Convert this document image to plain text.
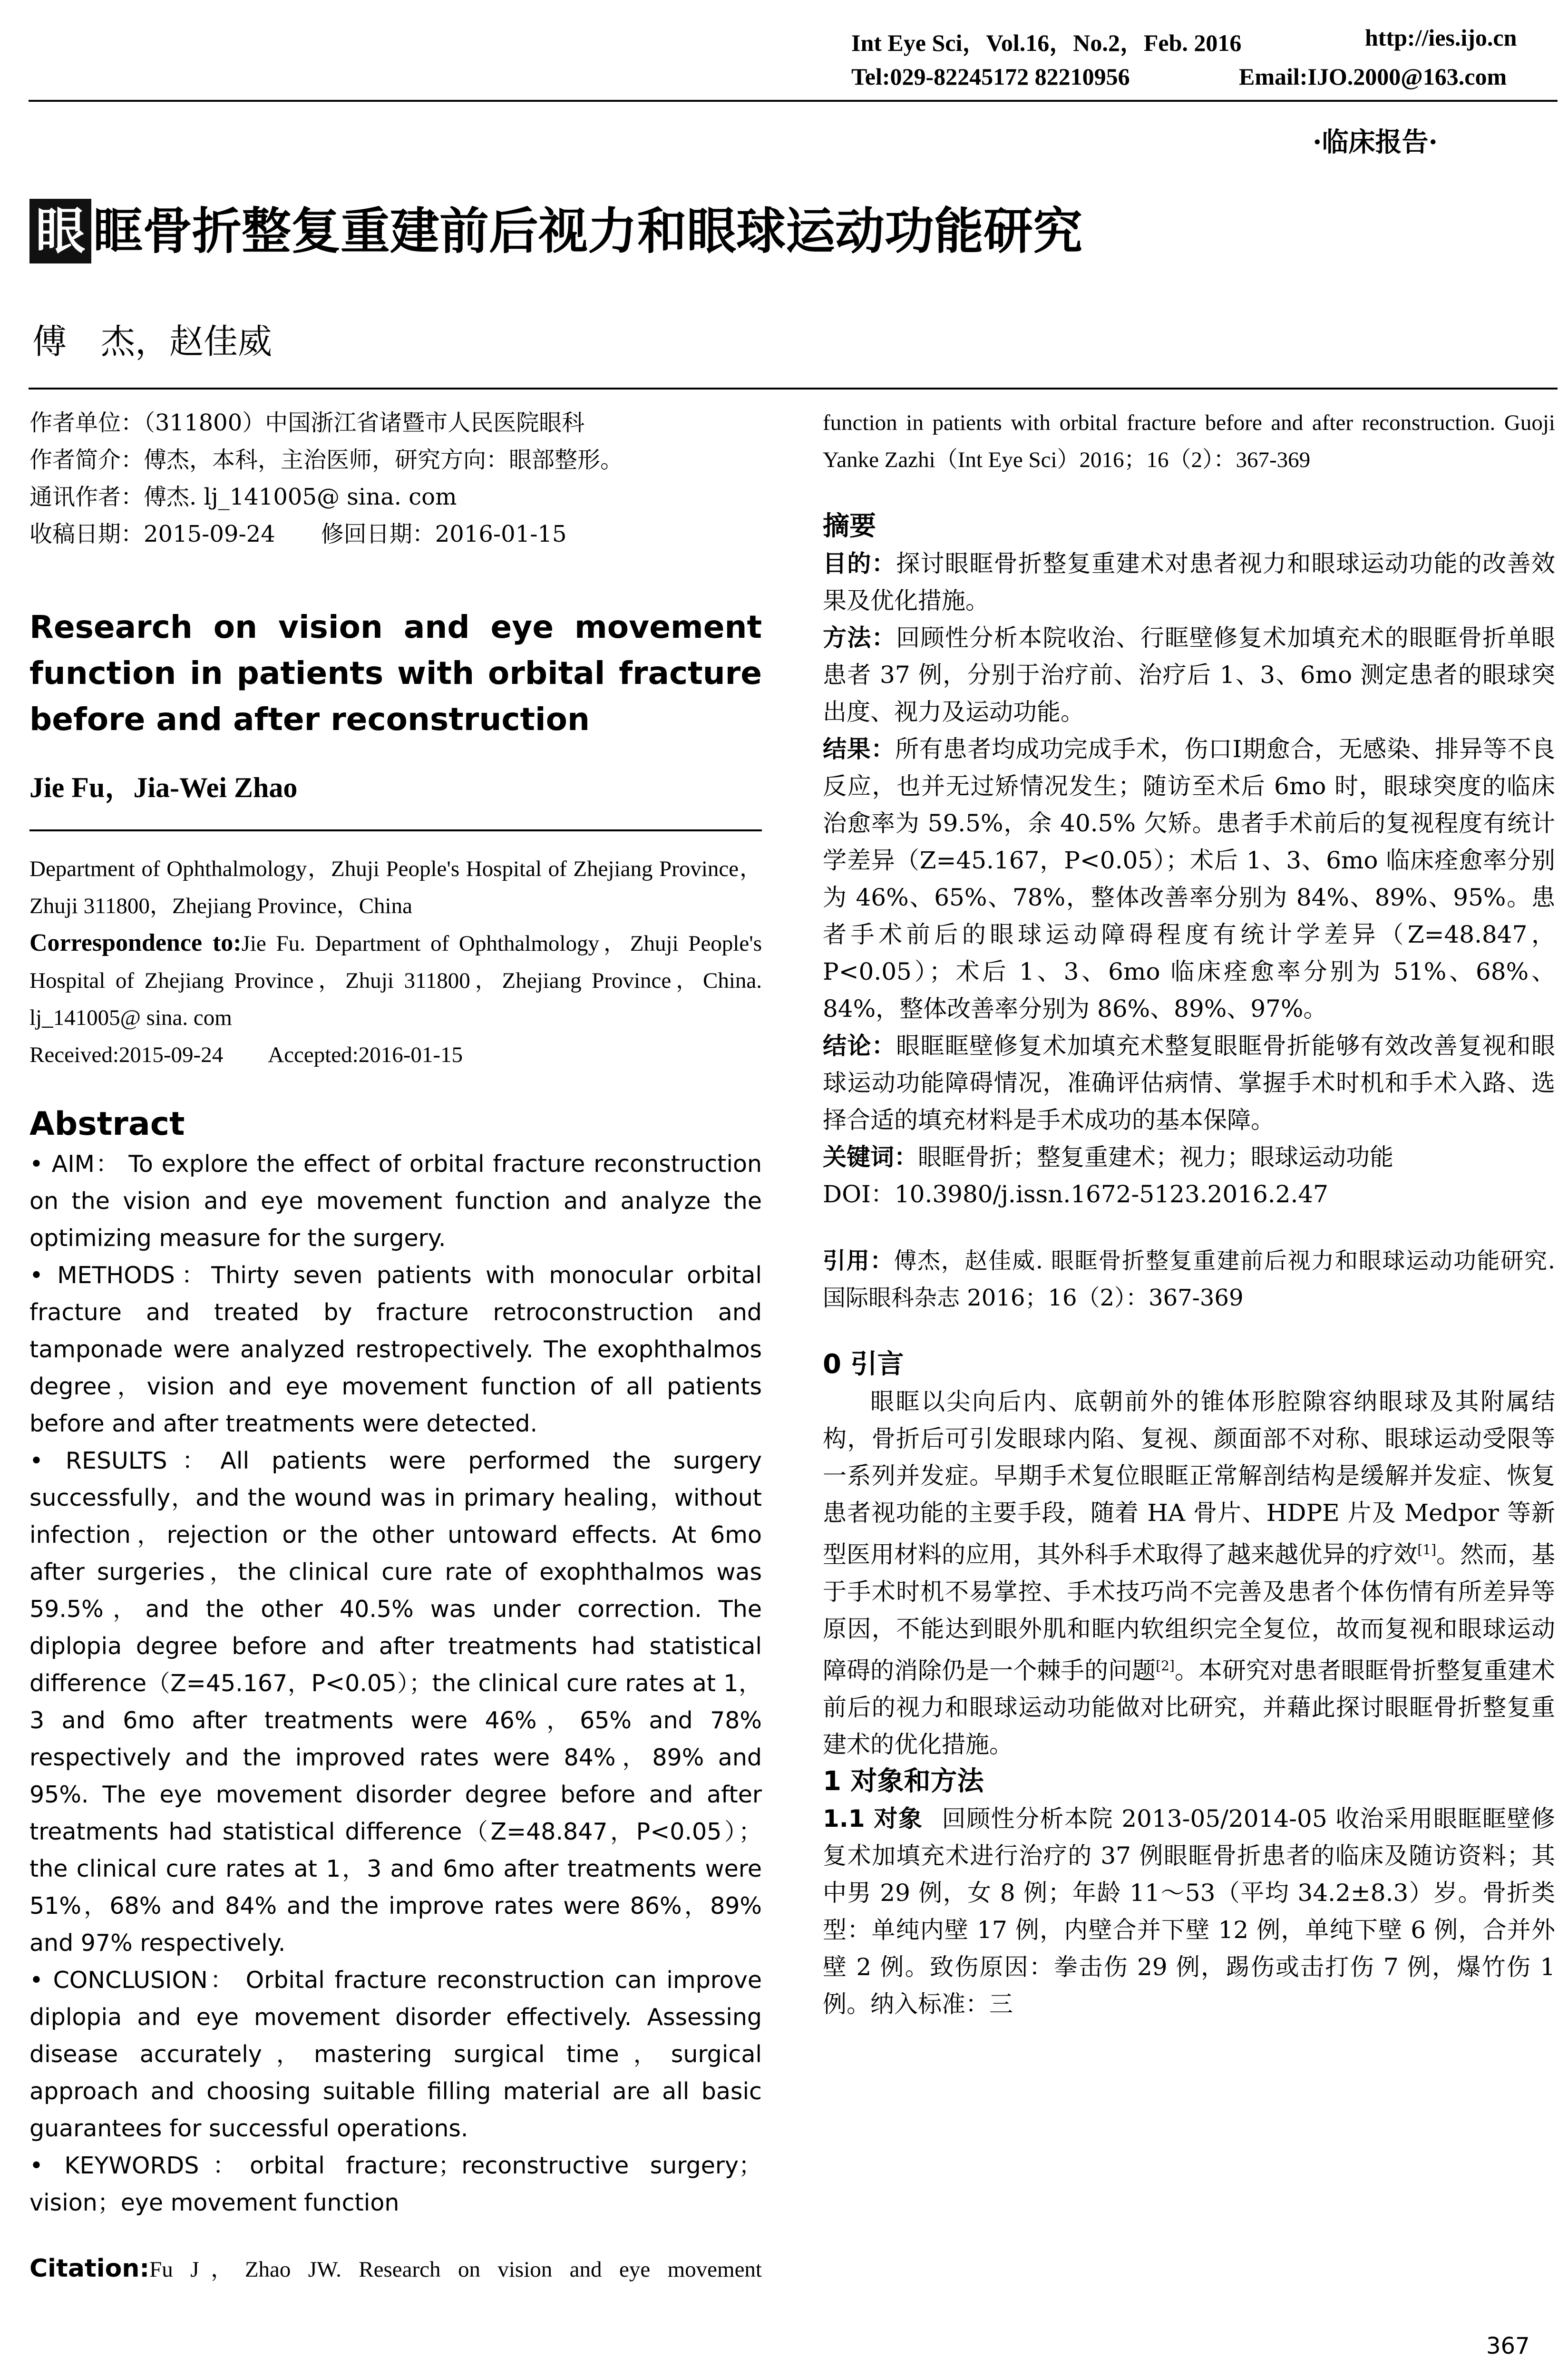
Int Eye Sci，Vol.16，No.2，Feb. 2016	http://ies.ijo.cn
Tel:029-82245172 82210956	Email:IJO.2000@163.com
·临床报告·
眼 眶骨折整复重建前后视力和眼球运动功能研究
傅　杰，赵佳威

作者单位：（311800）中国浙江省诸暨市人民医院眼科

作者简介：傅杰，本科，主治医师，研究方向：眼部整形。

通讯作者：傅杰. lj_141005@ sina. com

收稿日期：2015-09-24　　修回日期：2016-01-15

Research on vision and eye movement function in patients with orbital fracture before and after reconstruction
Jie Fu，Jia-Wei Zhao
Department of Ophthalmology，Zhuji People's Hospital of Zhejiang Province，Zhuji 311800，Zhejiang Province，China
Correspondence to:Jie Fu. Department of Ophthalmology，Zhuji People's Hospital of Zhejiang Province，Zhuji 311800，Zhejiang Province，China. lj_141005@ sina. com
Received:2015-09-24　　Accepted:2016-01-15
Abstract

• AIM： To explore the effect of orbital fracture reconstruction on the vision and eye movement function and analyze the optimizing measure for the surgery.

• METHODS：Thirty seven patients with monocular orbital fracture and treated by fracture retroconstruction and tamponade were analyzed restropectively. The exophthalmos degree，vision and eye movement function of all patients before and after treatments were detected.

• RESULTS：All patients were performed the surgery successfully，and the wound was in primary healing，without infection，rejection or the other untoward effects. At 6mo after surgeries，the clinical cure rate of exophthalmos was 59.5%，and the other 40.5% was under correction. The diplopia degree before and after treatments had statistical difference（Z=45.167，P<0.05）；the clinical cure rates at 1，3 and 6mo after treatments were 46%，65% and 78% respectively and the improved rates were 84%，89% and 95%. The eye movement disorder degree before and after treatments had statistical difference（Z=48.847，P<0.05）；the clinical cure rates at 1，3 and 6mo after treatments were 51%，68% and 84% and the improve rates were 86%，89% and 97% respectively.

• CONCLUSION： Orbital fracture reconstruction can improve diplopia and eye movement disorder effectively. Assessing disease accurately，mastering surgical time，surgical approach and choosing suitable filling material are all basic guarantees for successful operations.

• KEYWORDS：orbital fracture；reconstructive surgery；vision；eye movement function

Citation:Fu J，Zhao JW. Research on vision and eye movement
function in patients with orbital fracture before and after reconstruction. Guoji Yanke Zazhi（Int Eye Sci）2016；16（2）：367-369
摘要

目的：探讨眼眶骨折整复重建术对患者视力和眼球运动功能的改善效果及优化措施。

方法：回顾性分析本院收治、行眶壁修复术加填充术的眼眶骨折单眼患者 37 例，分别于治疗前、治疗后 1、3、6mo 测定患者的眼球突出度、视力及运动功能。

结果：所有患者均成功完成手术，伤口Ⅰ期愈合，无感染、排异等不良反应，也并无过矫情况发生；随访至术后 6mo 时，眼球突度的临床治愈率为 59.5%，余 40.5% 欠矫。患者手术前后的复视程度有统计学差异（Z=45.167，P<0.05）；术后 1、3、6mo 临床痊愈率分别为 46%、65%、78%，整体改善率分别为 84%、89%、95%。患者手术前后的眼球运动障碍程度有统计学差异（Z=48.847，P<0.05）；术后 1、3、6mo 临床痊愈率分别为 51%、68%、84%，整体改善率分别为 86%、89%、97%。

结论：眼眶眶壁修复术加填充术整复眼眶骨折能够有效改善复视和眼球运动功能障碍情况，准确评估病情、掌握手术时机和手术入路、选择合适的填充材料是手术成功的基本保障。

关键词：眼眶骨折；整复重建术；视力；眼球运动功能

DOI：10.3980/j.issn.1672-5123.2016.2.47

引用：傅杰，赵佳威. 眼眶骨折整复重建前后视力和眼球运动功能研究. 国际眼科杂志 2016；16（2）：367-369
0 引言
眼眶以尖向后内、底朝前外的锥体形腔隙容纳眼球及其附属结构，骨折后可引发眼球内陷、复视、颜面部不对称、眼球运动受限等一系列并发症。早期手术复位眼眶正常解剖结构是缓解并发症、恢复患者视功能的主要手段，随着 HA 骨片、HDPE 片及 Medpor 等新型医用材料的应用，其外科手术取得了越来越优异的疗效[1]。然而，基于手术时机不易掌控、手术技巧尚不完善及患者个体伤情有所差异等原因，不能达到眼外肌和眶内软组织完全复位，故而复视和眼球运动障碍的消除仍是一个棘手的问题[2]。本研究对患者眼眶骨折整复重建术前后的视力和眼球运动功能做对比研究，并藉此探讨眼眶骨折整复重建术的优化措施。
1 对象和方法
1.1 对象 回顾性分析本院 2013-05/2014-05 收治采用眼眶眶壁修复术加填充术进行治疗的 37 例眼眶骨折患者的临床及随访资料；其中男 29 例，女 8 例；年龄 11～53（平均 34.2±8.3）岁。骨折类型：单纯内壁 17 例，内壁合并下壁 12 例，单纯下壁 6 例，合并外壁 2 例。致伤原因：拳击伤 29 例，踢伤或击打伤 7 例，爆竹伤 1 例。纳入标准：三
367
